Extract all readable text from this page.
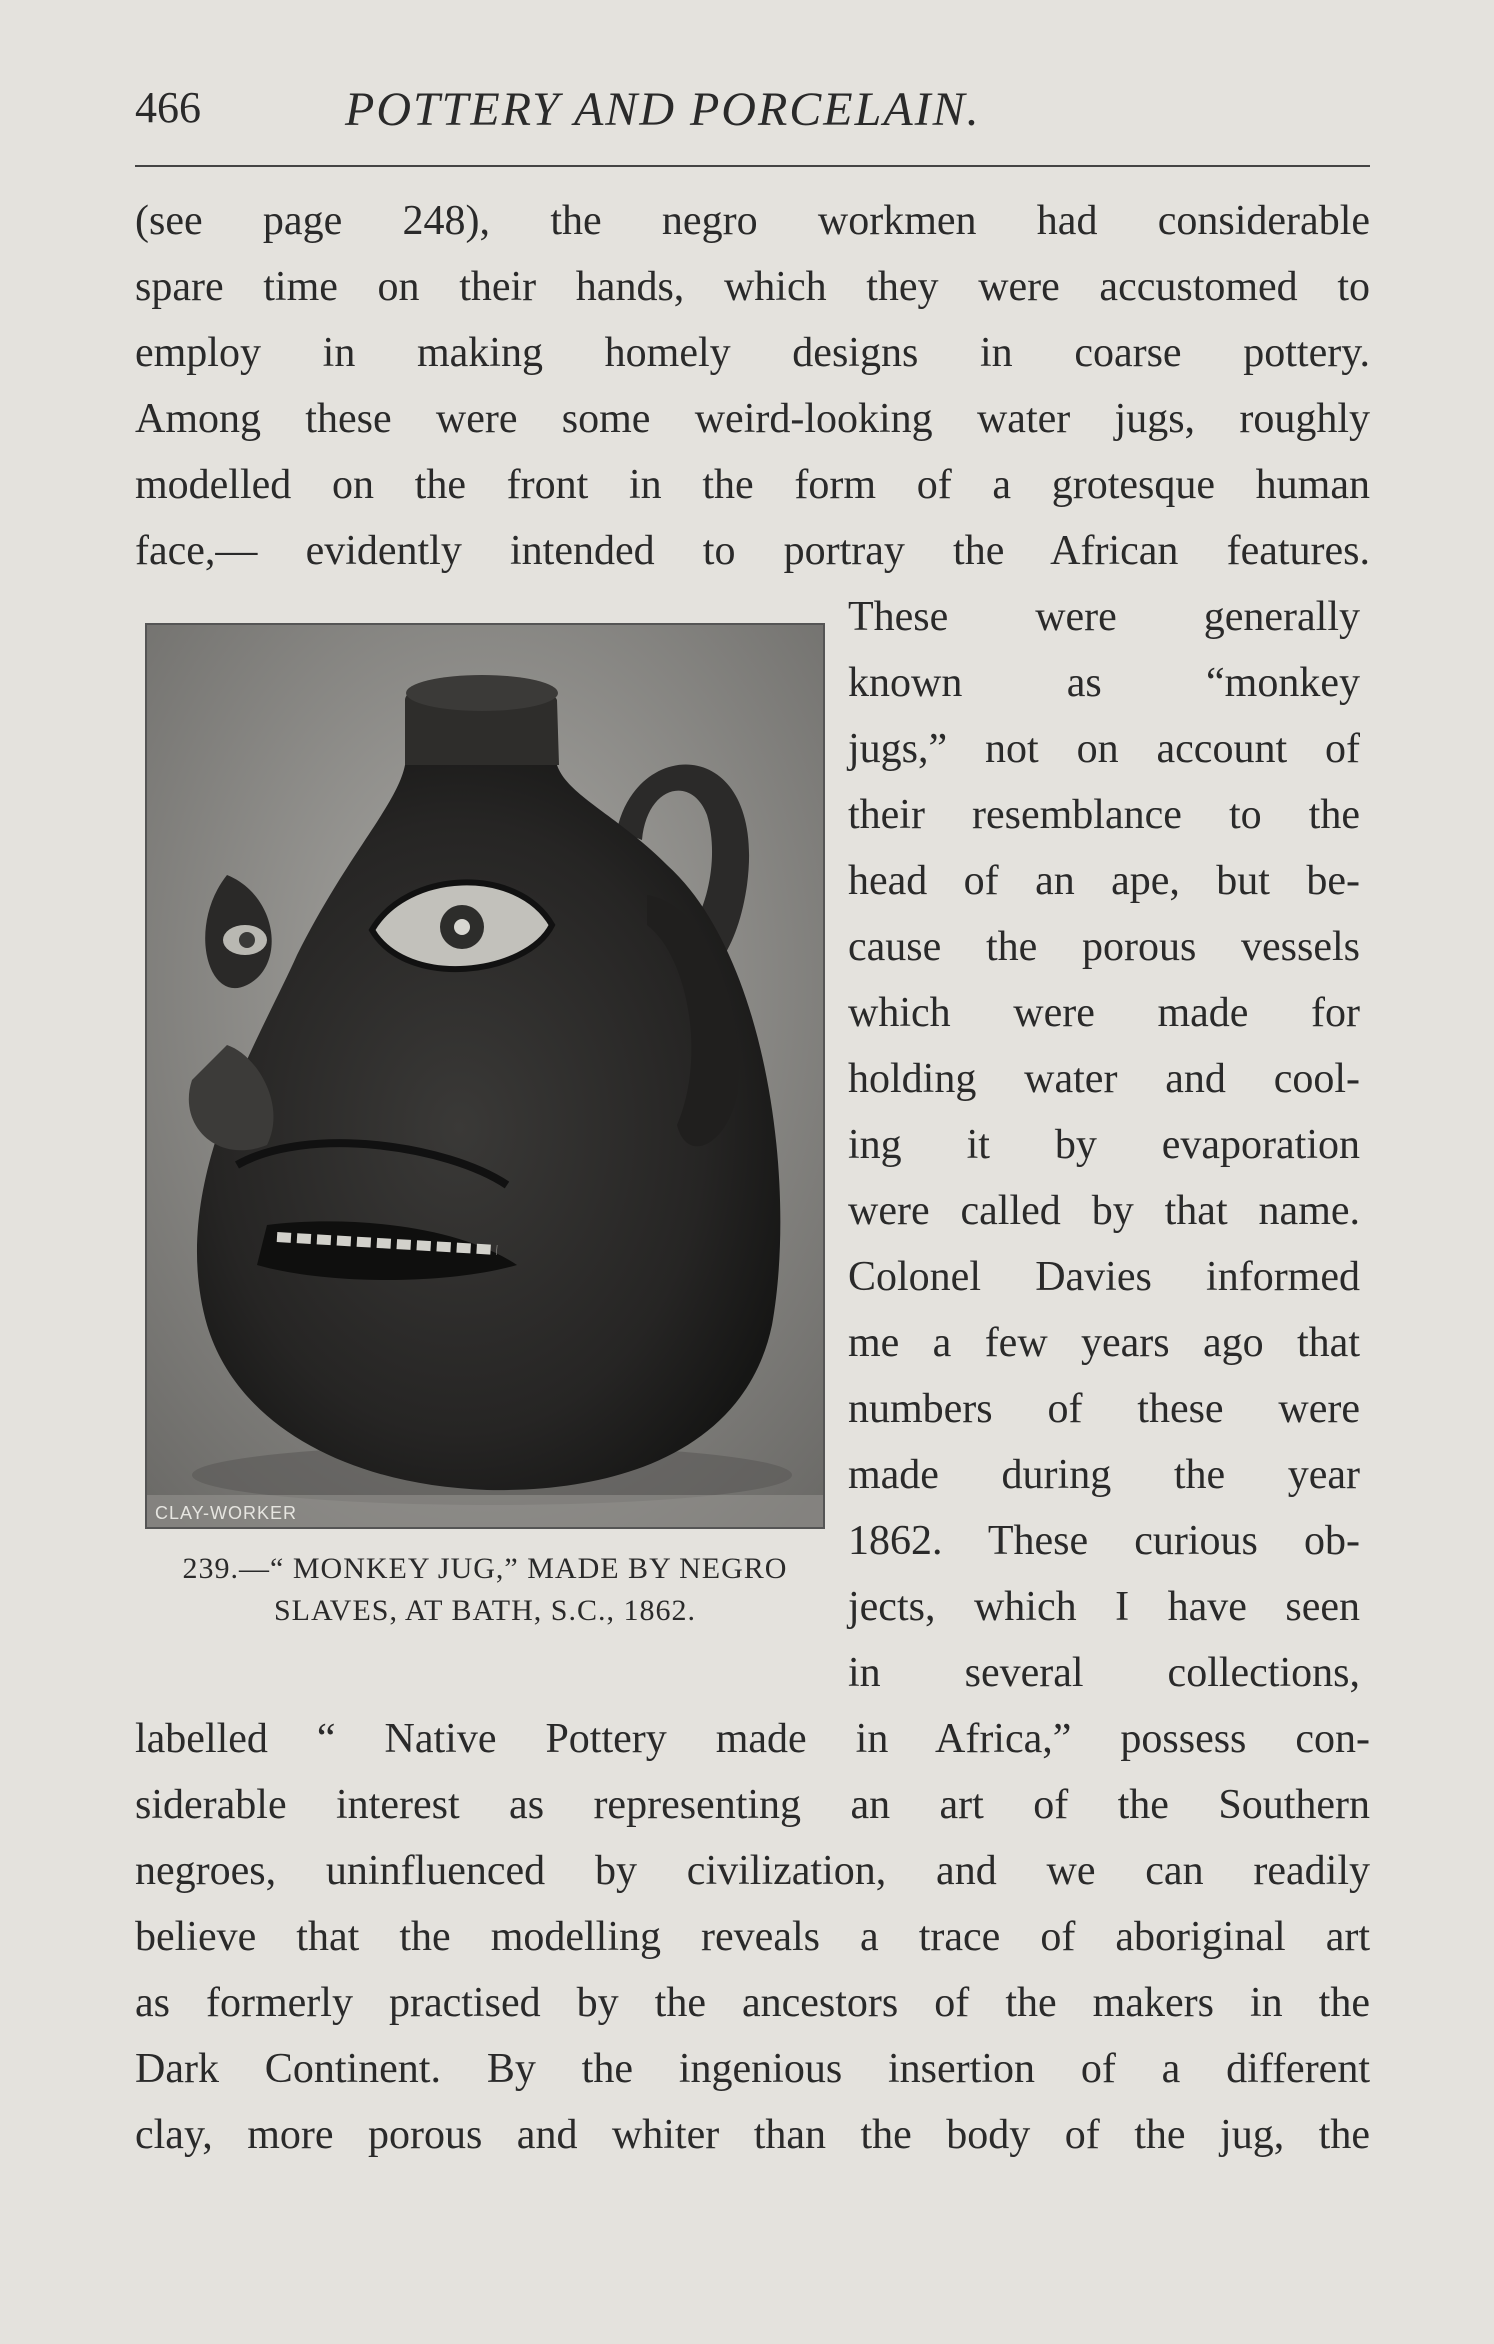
466	POTTERY AND PORCELAIN.
(see page 248), the negro workmen had considerable
spare time on their hands, which they were accustomed to
employ in making homely designs in coarse pottery.
Among these were some weird-looking water jugs, roughly
modelled on the front in the form of a grotesque human
face,— evidently intended to portray the African features.
CLAY-WORKER
239.—“ MONKEY JUG,” MADE BY NEGRO
SLAVES, AT BATH, S.C., 1862.
These were generally
known as “monkey
jugs,” not on account of
their resemblance to the
head of an ape, but be-
cause the porous vessels
which were made for
holding water and cool-
ing it by evaporation
were called by that name.
Colonel Davies informed
me a few years ago that
numbers of these were
made during the year
1862. These curious ob-
jects, which I have seen
in several collections,
labelled “ Native Pottery made in Africa,” possess con-
siderable interest as representing an art of the Southern
negroes, uninfluenced by civilization, and we can readily
believe that the modelling reveals a trace of aboriginal art
as formerly practised by the ancestors of the makers in the
Dark Continent. By the ingenious insertion of a different
clay, more porous and whiter than the body of the jug, the
